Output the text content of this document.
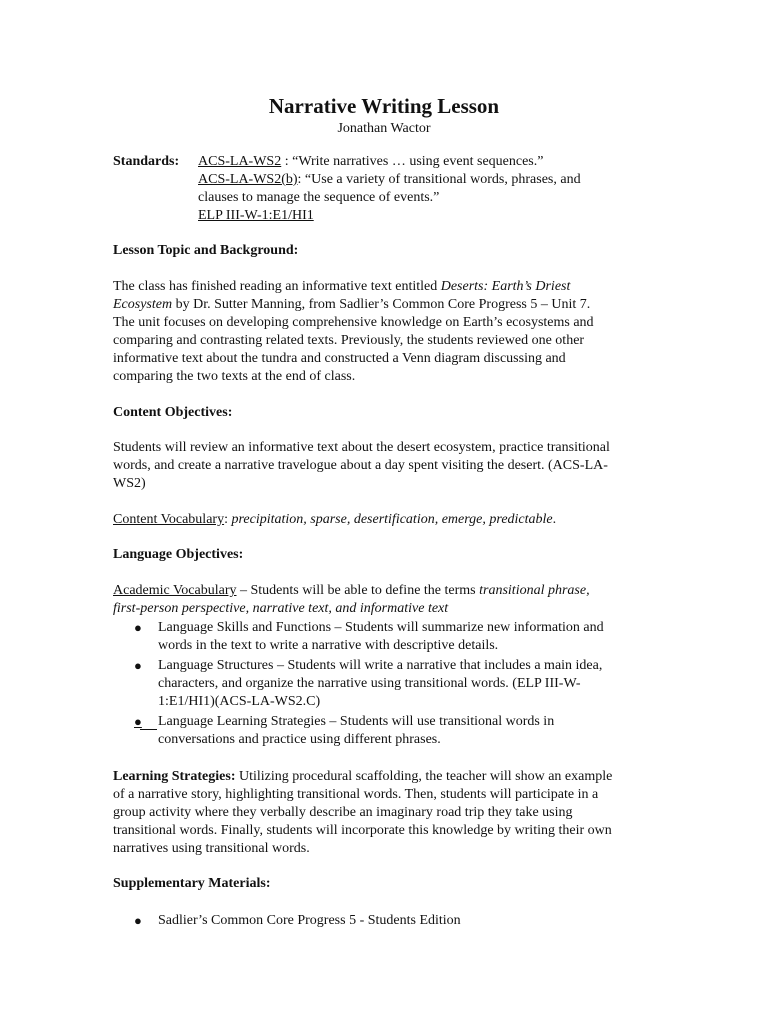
Narrative Writing Lesson
Jonathan Wactor
Standards: ACS-LA-WS2 : “Write narratives … using event sequences.”
ACS-LA-WS2(b): “Use a variety of transitional words, phrases, and
clauses to manage the sequence of events.”
ELP III-W-1:E1/HI1
Lesson Topic and Background:
The class has finished reading an informative text entitled Deserts: Earth’s Driest
Ecosystem by Dr. Sutter Manning, from Sadlier’s Common Core Progress 5 – Unit 7.
The unit focuses on developing comprehensive knowledge on Earth’s ecosystems and
comparing and contrasting related texts. Previously, the students reviewed one other
informative text about the tundra and constructed a Venn diagram discussing and
comparing the two texts at the end of class.
Content Objectives:
Students will review an informative text about the desert ecosystem, practice transitional
words, and create a narrative travelogue about a day spent visiting the desert. (ACS-LA-
WS2)
Content Vocabulary: precipitation, sparse, desertification, emerge, predictable.
Language Objectives:
Academic Vocabulary – Students will be able to define the terms transitional phrase,
first-person perspective, narrative text, and informative text
● Language Skills and Functions – Students will summarize new information and
words in the text to write a narrative with descriptive details.
● Language Structures – Students will write a narrative that includes a main idea,
characters, and organize the narrative using transitional words. (ELP III-W-
1:E1/HI1)(ACS-LA-WS2.C)
● Language Learning Strategies – Students will use transitional words in
conversations and practice using different phrases.
Learning Strategies: Utilizing procedural scaffolding, the teacher will show an example
of a narrative story, highlighting transitional words. Then, students will participate in a
group activity where they verbally describe an imaginary road trip they take using
transitional words. Finally, students will incorporate this knowledge by writing their own
narratives using transitional words.
Supplementary Materials:
● Sadlier’s Common Core Progress 5 - Students Edition
